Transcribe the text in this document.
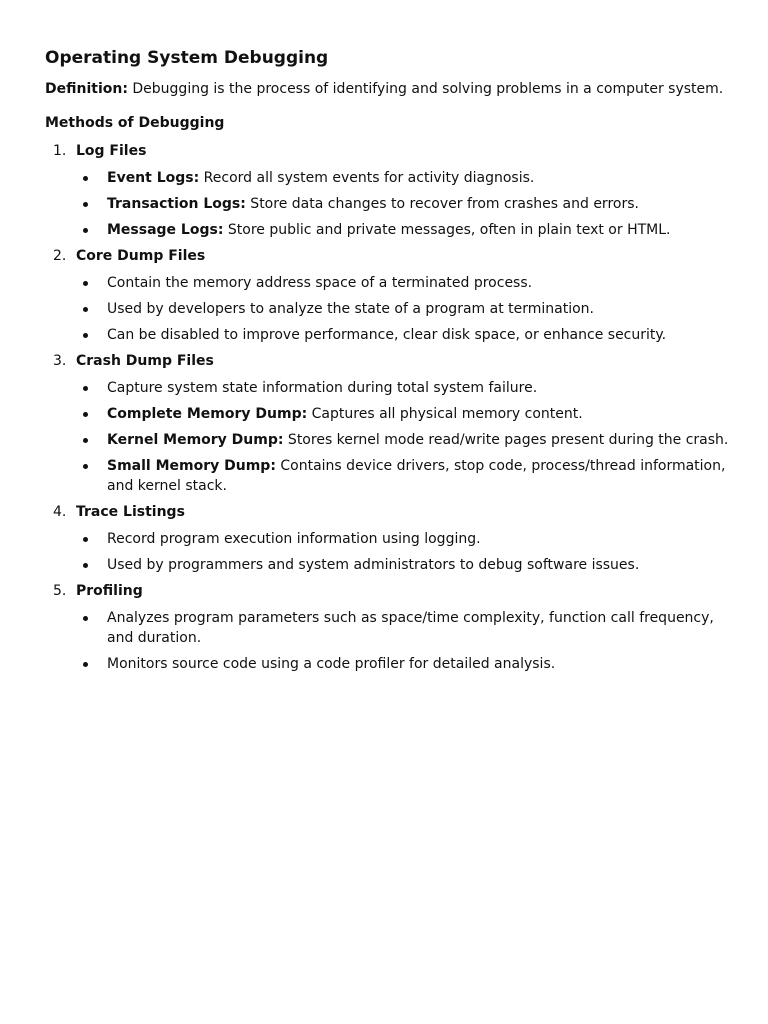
Operating System Debugging

Definition: Debugging is the process of identifying and solving problems in a computer system.

Methods of Debugging
1. Log Files
Event Logs: Record all system events for activity diagnosis.
Transaction Logs: Store data changes to recover from crashes and errors.
Message Logs: Store public and private messages, often in plain text or HTML.
2. Core Dump Files
Contain the memory address space of a terminated process.
Used by developers to analyze the state of a program at termination.
Can be disabled to improve performance, clear disk space, or enhance security.
3. Crash Dump Files
Capture system state information during total system failure.
Complete Memory Dump: Captures all physical memory content.
Kernel Memory Dump: Stores kernel mode read/write pages present during the crash.
Small Memory Dump: Contains device drivers, stop code, process/thread information, and kernel stack.
4. Trace Listings
Record program execution information using logging.
Used by programmers and system administrators to debug software issues.
5. Profiling
Analyzes program parameters such as space/time complexity, function call frequency, and duration.
Monitors source code using a code profiler for detailed analysis.
